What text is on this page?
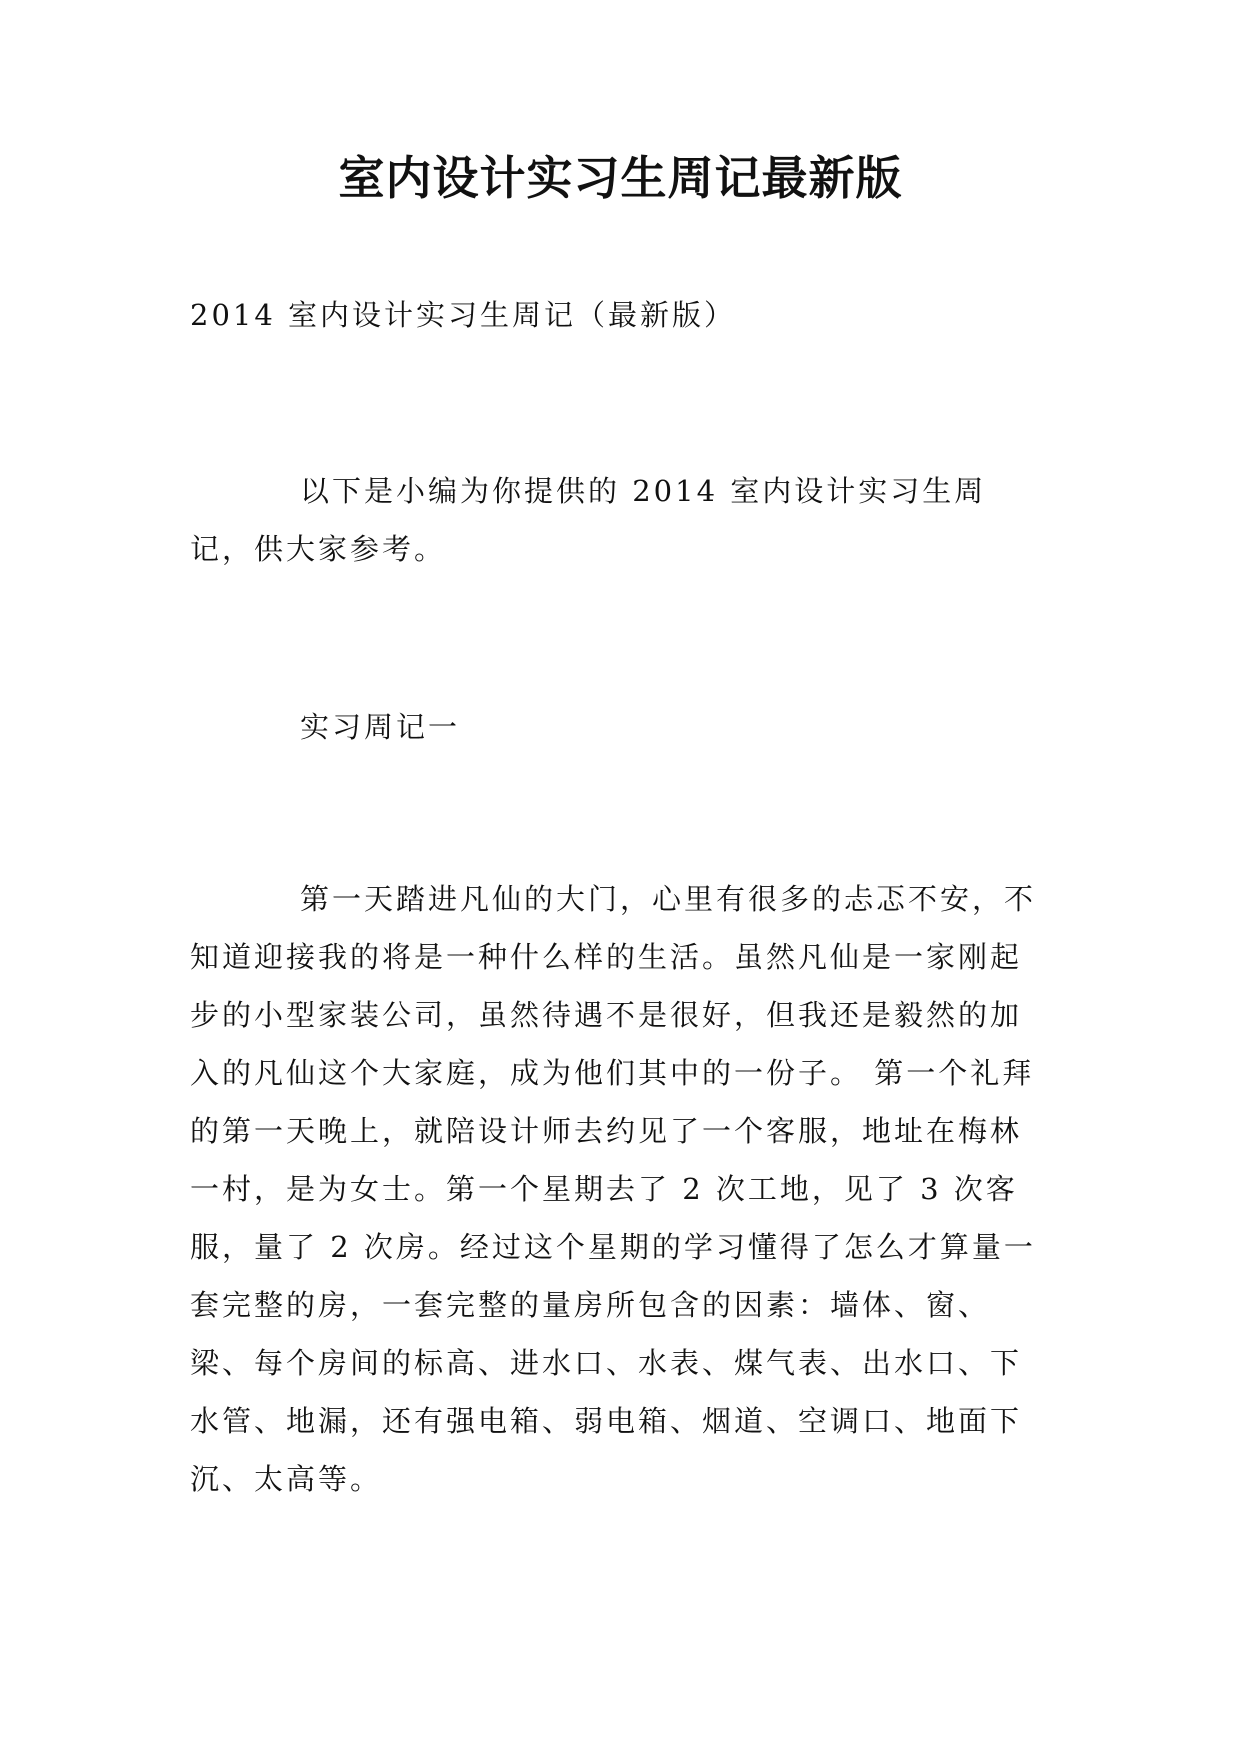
室内设计实习生周记最新版

2014 室内设计实习生周记（最新版）

以下是小编为你提供的 2014 室内设计实习生周记，供大家参考。

实习周记一

第一天踏进凡仙的大门，心里有很多的忐忑不安，不知道迎接我的将是一种什么样的生活。虽然凡仙是一家刚起步的小型家装公司，虽然待遇不是很好，但我还是毅然的加入的凡仙这个大家庭，成为他们其中的一份子。 第一个礼拜的第一天晚上，就陪设计师去约见了一个客服，地址在梅林一村，是为女士。第一个星期去了 2 次工地，见了 3 次客服，量了 2 次房。经过这个星期的学习懂得了怎么才算量一套完整的房，一套完整的量房所包含的因素：墙体、窗、梁、每个房间的标高、进水口、水表、煤气表、出水口、下水管、地漏，还有强电箱、弱电箱、烟道、空调口、地面下沉、太高等。
